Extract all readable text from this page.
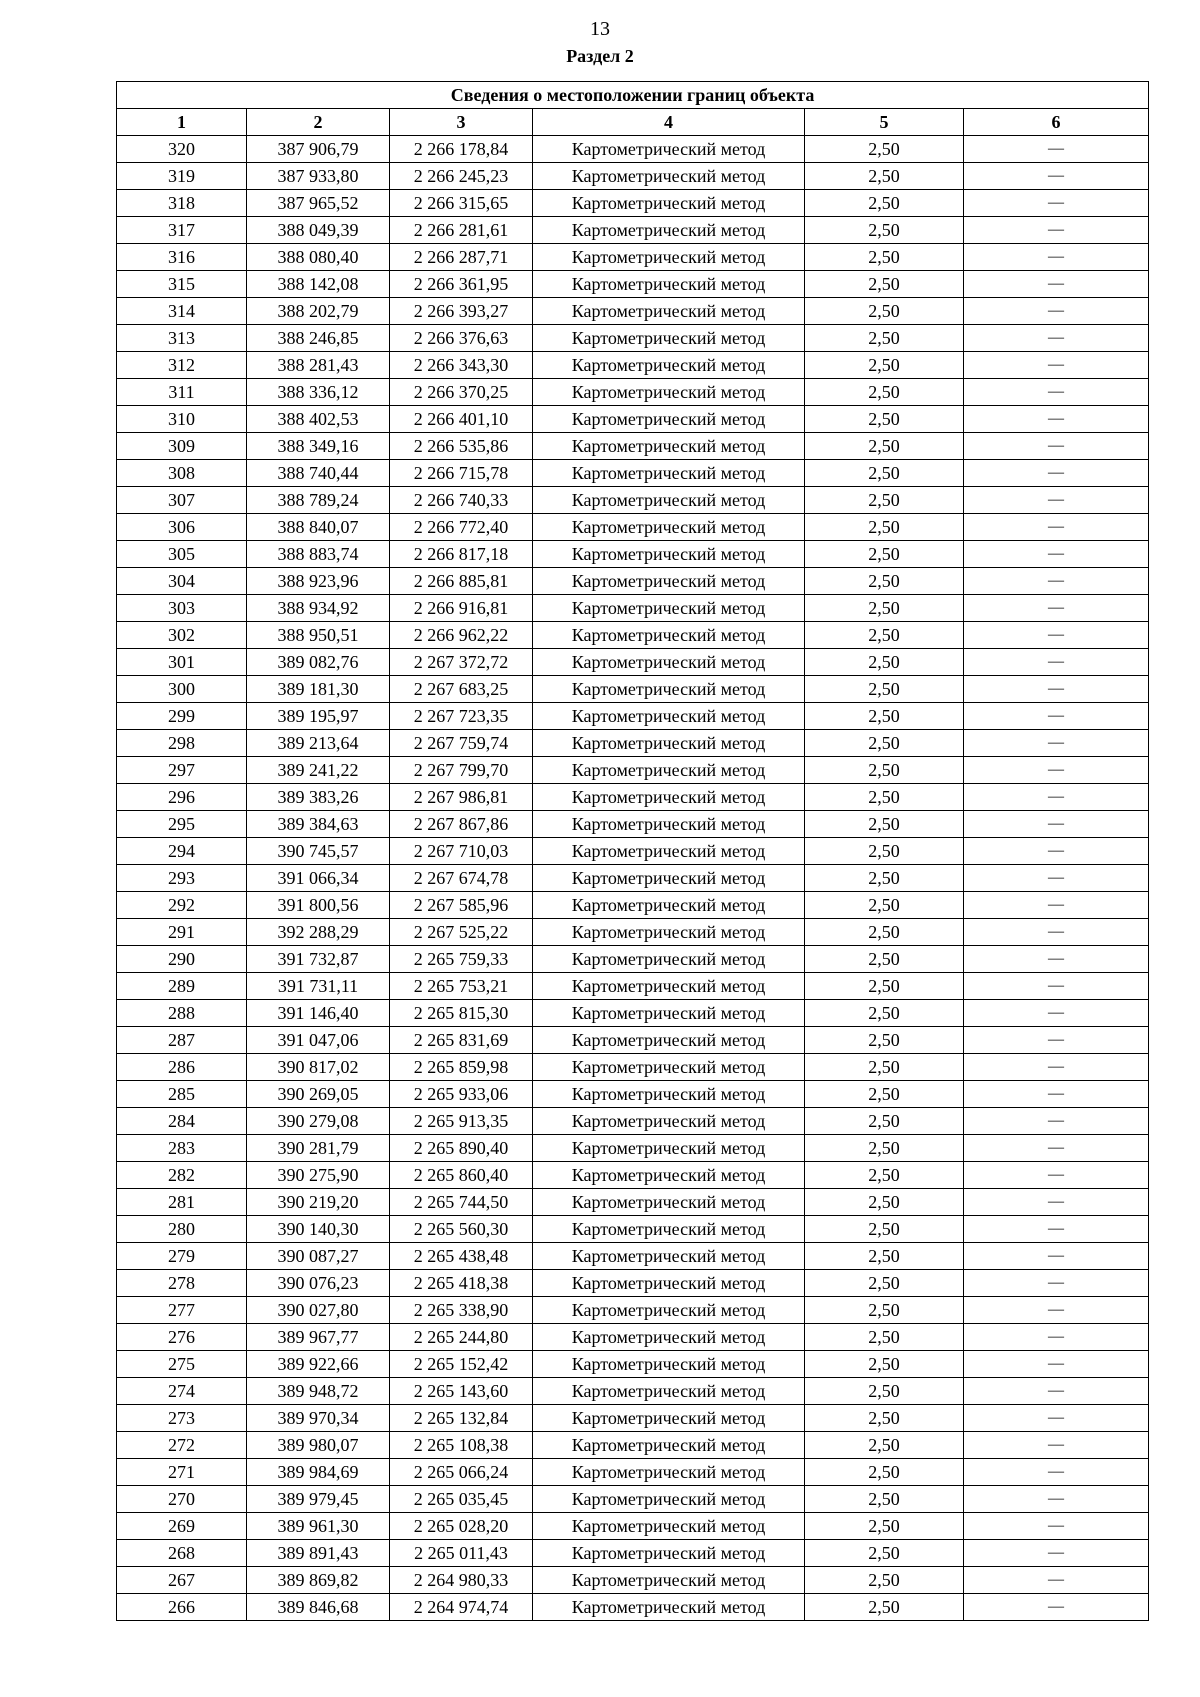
13
Раздел 2
Сведения о местоположении границ объекта					
1	2	3	4	5	6
320	387 906,79	2 266 178,84	Картометрический метод	2,50	—
319	387 933,80	2 266 245,23	Картометрический метод	2,50	—
318	387 965,52	2 266 315,65	Картометрический метод	2,50	—
317	388 049,39	2 266 281,61	Картометрический метод	2,50	—
316	388 080,40	2 266 287,71	Картометрический метод	2,50	—
315	388 142,08	2 266 361,95	Картометрический метод	2,50	—
314	388 202,79	2 266 393,27	Картометрический метод	2,50	—
313	388 246,85	2 266 376,63	Картометрический метод	2,50	—
312	388 281,43	2 266 343,30	Картометрический метод	2,50	—
311	388 336,12	2 266 370,25	Картометрический метод	2,50	—
310	388 402,53	2 266 401,10	Картометрический метод	2,50	—
309	388 349,16	2 266 535,86	Картометрический метод	2,50	—
308	388 740,44	2 266 715,78	Картометрический метод	2,50	—
307	388 789,24	2 266 740,33	Картометрический метод	2,50	—
306	388 840,07	2 266 772,40	Картометрический метод	2,50	—
305	388 883,74	2 266 817,18	Картометрический метод	2,50	—
304	388 923,96	2 266 885,81	Картометрический метод	2,50	—
303	388 934,92	2 266 916,81	Картометрический метод	2,50	—
302	388 950,51	2 266 962,22	Картометрический метод	2,50	—
301	389 082,76	2 267 372,72	Картометрический метод	2,50	—
300	389 181,30	2 267 683,25	Картометрический метод	2,50	—
299	389 195,97	2 267 723,35	Картометрический метод	2,50	—
298	389 213,64	2 267 759,74	Картометрический метод	2,50	—
297	389 241,22	2 267 799,70	Картометрический метод	2,50	—
296	389 383,26	2 267 986,81	Картометрический метод	2,50	—
295	389 384,63	2 267 867,86	Картометрический метод	2,50	—
294	390 745,57	2 267 710,03	Картометрический метод	2,50	—
293	391 066,34	2 267 674,78	Картометрический метод	2,50	—
292	391 800,56	2 267 585,96	Картометрический метод	2,50	—
291	392 288,29	2 267 525,22	Картометрический метод	2,50	—
290	391 732,87	2 265 759,33	Картометрический метод	2,50	—
289	391 731,11	2 265 753,21	Картометрический метод	2,50	—
288	391 146,40	2 265 815,30	Картометрический метод	2,50	—
287	391 047,06	2 265 831,69	Картометрический метод	2,50	—
286	390 817,02	2 265 859,98	Картометрический метод	2,50	—
285	390 269,05	2 265 933,06	Картометрический метод	2,50	—
284	390 279,08	2 265 913,35	Картометрический метод	2,50	—
283	390 281,79	2 265 890,40	Картометрический метод	2,50	—
282	390 275,90	2 265 860,40	Картометрический метод	2,50	—
281	390 219,20	2 265 744,50	Картометрический метод	2,50	—
280	390 140,30	2 265 560,30	Картометрический метод	2,50	—
279	390 087,27	2 265 438,48	Картометрический метод	2,50	—
278	390 076,23	2 265 418,38	Картометрический метод	2,50	—
277	390 027,80	2 265 338,90	Картометрический метод	2,50	—
276	389 967,77	2 265 244,80	Картометрический метод	2,50	—
275	389 922,66	2 265 152,42	Картометрический метод	2,50	—
274	389 948,72	2 265 143,60	Картометрический метод	2,50	—
273	389 970,34	2 265 132,84	Картометрический метод	2,50	—
272	389 980,07	2 265 108,38	Картометрический метод	2,50	—
271	389 984,69	2 265 066,24	Картометрический метод	2,50	—
270	389 979,45	2 265 035,45	Картометрический метод	2,50	—
269	389 961,30	2 265 028,20	Картометрический метод	2,50	—
268	389 891,43	2 265 011,43	Картометрический метод	2,50	—
267	389 869,82	2 264 980,33	Картометрический метод	2,50	—
266	389 846,68	2 264 974,74	Картометрический метод	2,50	—
